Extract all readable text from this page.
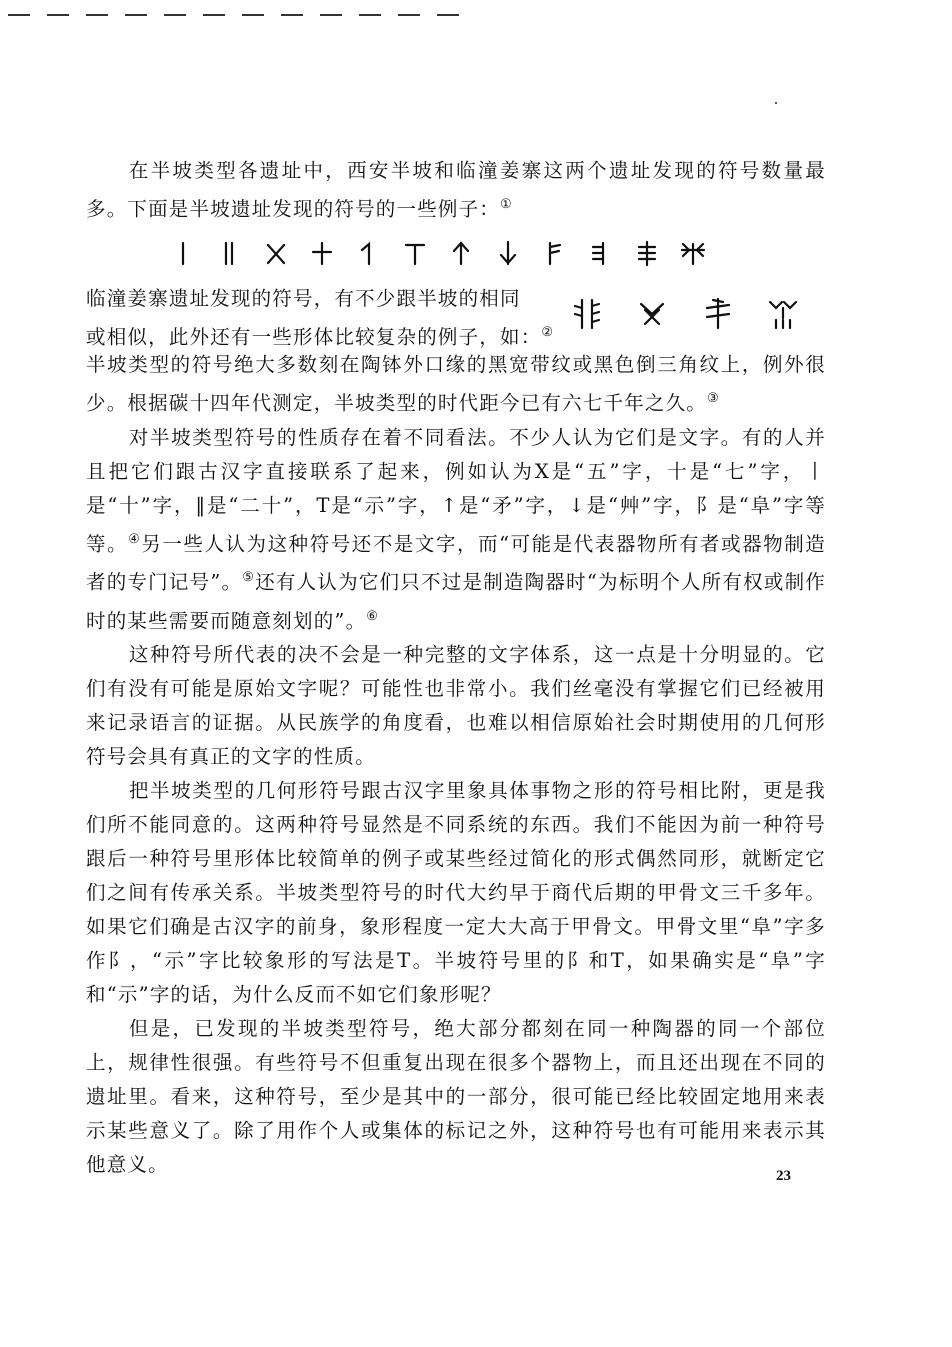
在半坡类型各遗址中，西安半坡和临潼姜寨这两个遗址发现的符号数量最多。下面是半坡遗址发现的符号的一些例子：①

临潼姜寨遗址发现的符号，有不少跟半坡的相同
或相似，此外还有一些形体比较复杂的例子，如：②

半坡类型的符号绝大多数刻在陶钵外口缘的黑宽带纹或黑色倒三角纹上，例外很少。根据碳十四年代测定，半坡类型的时代距今已有六七千年之久。③

对半坡类型符号的性质存在着不同看法。不少人认为它们是文字。有的人并且把它们跟古汉字直接联系了起来，例如认为X是“五”字，十是“七”字，丨是“十”字，‖是“二十”，T是“示”字，↑是“矛”字，↓是“艸”字，阝是“阜”字等等。④另一些人认为这种符号还不是文字，而“可能是代表器物所有者或器物制造者的专门记号”。⑤还有人认为它们只不过是制造陶器时“为标明个人所有权或制作时的某些需要而随意刻划的”。⑥

这种符号所代表的决不会是一种完整的文字体系，这一点是十分明显的。它们有没有可能是原始文字呢？可能性也非常小。我们丝毫没有掌握它们已经被用来记录语言的证据。从民族学的角度看，也难以相信原始社会时期使用的几何形符号会具有真正的文字的性质。

把半坡类型的几何形符号跟古汉字里象具体事物之形的符号相比附，更是我们所不能同意的。这两种符号显然是不同系统的东西。我们不能因为前一种符号跟后一种符号里形体比较简单的例子或某些经过简化的形式偶然同形，就断定它们之间有传承关系。半坡类型符号的时代大约早于商代后期的甲骨文三千多年。如果它们确是古汉字的前身，象形程度一定大大高于甲骨文。甲骨文里“阜”字多作阝，“示”字比较象形的写法是T。半坡符号里的阝和T，如果确实是“阜”字和“示”字的话，为什么反而不如它们象形呢？

但是，已发现的半坡类型符号，绝大部分都刻在同一种陶器的同一个部位上，规律性很强。有些符号不但重复出现在很多个器物上，而且还出现在不同的遗址里。看来，这种符号，至少是其中的一部分，很可能已经比较固定地用来表示某些意义了。除了用作个人或集体的标记之外，这种符号也有可能用来表示其他意义。	23
